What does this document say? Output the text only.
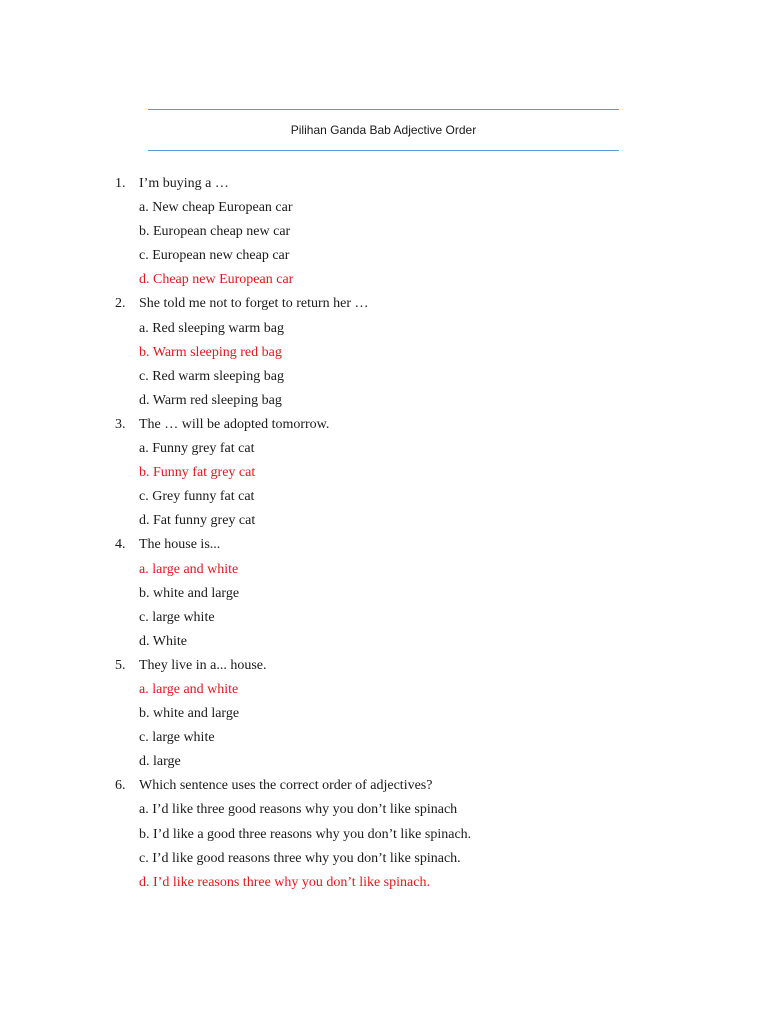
Pilihan Ganda Bab Adjective Order
1. I’m buying a …
a. New cheap European car
b. European cheap new car
c. European new cheap car
d. Cheap new European car
2. She told me not to forget to return her …
a. Red sleeping warm bag
b. Warm sleeping red bag
c. Red warm sleeping bag
d. Warm red sleeping bag
3. The … will be adopted tomorrow.
a. Funny grey fat cat
b. Funny fat grey cat
c. Grey funny fat cat
d. Fat funny grey cat
4. The house is...
a. large and white
b. white and large
c. large white
d. White
5. They live in a... house.
a. large and white
b. white and large
c. large white
d. large
6. Which sentence uses the correct order of adjectives?
a. I’d like three good reasons why you don’t like spinach
b. I’d like a good three reasons why you don’t like spinach.
c. I’d like good reasons three why you don’t like spinach.
d. I’d like reasons three why you don’t like spinach.
